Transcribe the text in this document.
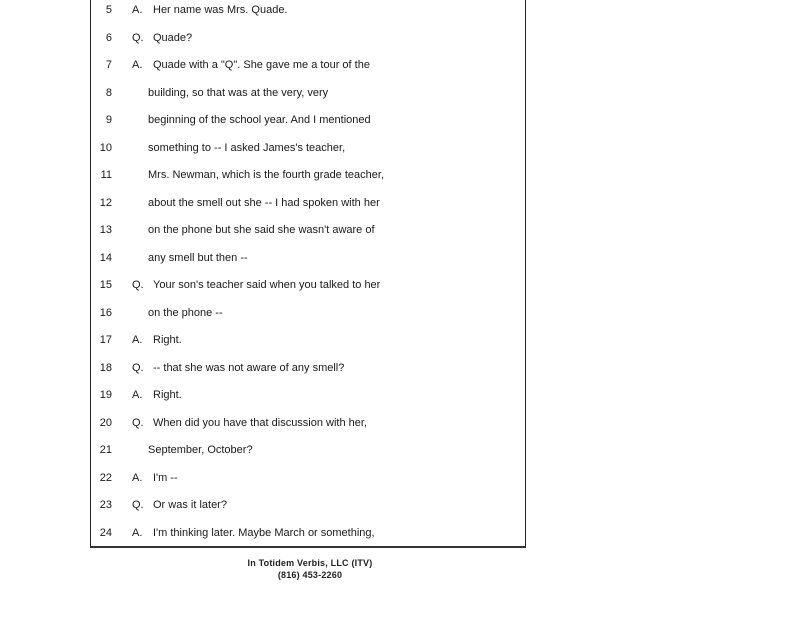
5 A. Her name was Mrs. Quade.
6 Q. Quade?
7 A. Quade with a "Q". She gave me a tour of the
8	building, so that was at the very, very
9	beginning of the school year. And I mentioned
10	something to -- I asked James's teacher,
11	Mrs. Newman, which is the fourth grade teacher,
12	about the smell out she -- I had spoken with her
13	on the phone but she said she wasn't aware of
14	any smell but then --
15 Q. Your son's teacher said when you talked to her
16	on the phone --
17 A. Right.
18 Q. -- that she was not aware of any smell?
19 A. Right.
20 Q. When did you have that discussion with her,
21	September, October?
22 A. I'm --
23 Q. Or was it later?
24 A. I'm thinking later. Maybe March or something,
In Totidem Verbis, LLC (ITV)
(816) 453-2260
